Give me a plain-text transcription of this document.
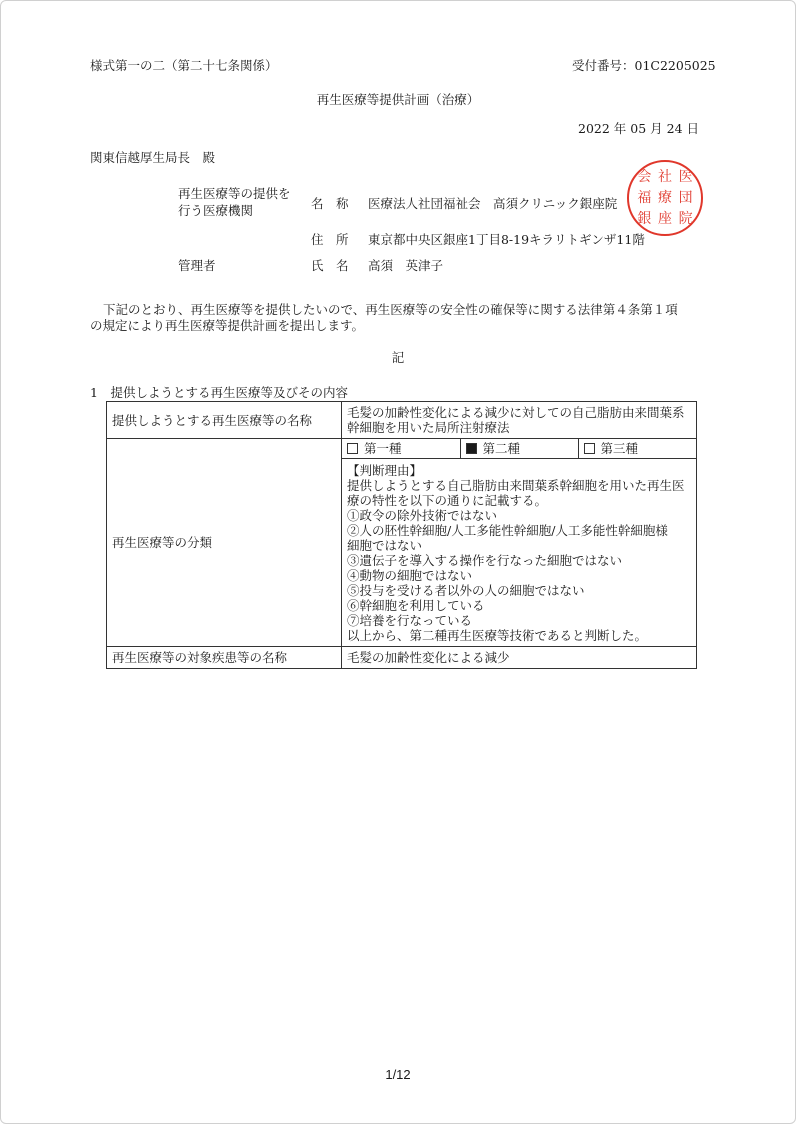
様式第一の二（第二十七条関係）	受付番号：01C2205025
再生医療等提供計画（治療）
2022 年 05 月 24 日
関東信越厚生局長　殿
再生医療等の提供を
行う医療機関	名　称 医療法人社団福祉会　高須クリニック銀座院
会 社 医
福 療 団
銀 座 院
住　所 東京都中央区銀座1丁目8-19キラリトギンザ11階
管理者	氏　名 高須　英津子
下記のとおり、再生医療等を提供したいので、再生医療等の安全性の確保等に関する法律第４条第１項
の規定により再生医療等提供計画を提出します。
記
1　提供しようとする再生医療等及びその内容
提供しようとする再生医療等の名称	毛髪の加齢性変化による減少に対しての自己脂肪由来間葉系
幹細胞を用いた局所注射療法
再生医療等の分類	
第一種	第二種	第三種

【判断理由】
提供しようとする自己脂肪由来間葉系幹細胞を用いた再生医
療の特性を以下の通りに記載する。
①政令の除外技術ではない
②人の胚性幹細胞/人工多能性幹細胞/人工多能性幹細胞様
細胞ではない
③遺伝子を導入する操作を行なった細胞ではない
④動物の細胞ではない
⑤投与を受ける者以外の人の細胞ではない
⑥幹細胞を利用している
⑦培養を行なっている
以上から、第二種再生医療等技術であると判断した。

再生医療等の対象疾患等の名称	毛髪の加齢性変化による減少
1/12
